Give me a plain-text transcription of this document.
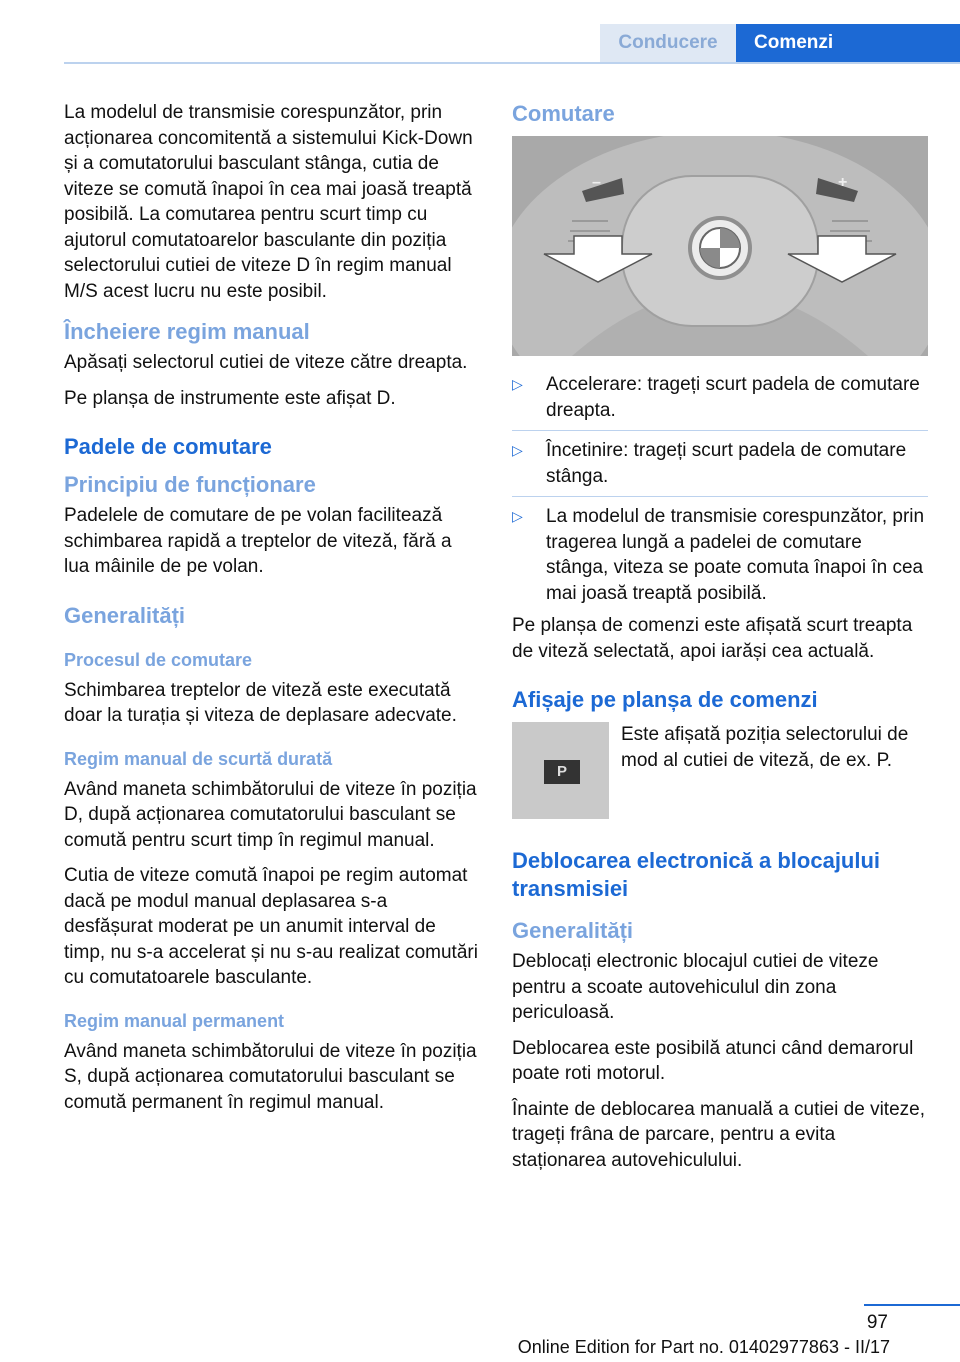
Conducere	Comenzi

La modelul de transmisie corespunzător, prin acționarea concomitentă a sistemului Kick-Down și a comutatorului basculant stânga, cutia de viteze se comută înapoi în cea mai joasă treaptă posibilă. La comutarea pentru scurt timp cu ajutorul comutatoarelor basculante din poziția selectorului cutiei de viteze D în regim manual M/S acest lucru nu este posibil.

Încheiere regim manual

Apăsați selectorul cutiei de viteze către dreapta.

Pe planșa de instrumente este afișat D.

Padele de comutare
Principiu de funcționare

Padelele de comutare de pe volan facilitează schimbarea rapidă a treptelor de viteză, fără a lua mâinile de pe volan.

Generalități
Procesul de comutare

Schimbarea treptelor de viteză este executată doar la turația și viteza de deplasare adecvate.

Regim manual de scurtă durată

Având maneta schimbătorului de viteze în poziția D, după acționarea comutatorului basculant se comută pentru scurt timp în regimul manual.

Cutia de viteze comută înapoi pe regim automat dacă pe modul manual deplasarea s-a desfășurat moderat pe un anumit interval de timp, nu s-a accelerat și nu s-au realizat comutări cu comutatoarele basculante.

Regim manual permanent

Având maneta schimbătorului de viteze în poziția S, după acționarea comutatorului basculant se comută permanent în regimul manual.

Comutare
–	+
▷ Accelerare: trageți scurt padela de comutare dreapta.
▷ Încetinire: trageți scurt padela de comutare stânga.
▷ La modelul de transmisie corespunzător, prin tragerea lungă a padelei de comutare stânga, viteza se poate comuta înapoi în cea mai joasă treaptă posibilă.

Pe planșa de comenzi este afișată scurt treapta de viteză selectată, apoi iarăși cea actuală.

Afișaje pe planșa de comenzi
P
Este afișată poziția selectorului de mod al cutiei de viteză, de ex. P.
Deblocarea electronică a blocajului transmisiei
Generalități

Deblocați electronic blocajul cutiei de viteze pentru a scoate autovehiculul din zona periculoasă.

Deblocarea este posibilă atunci când demarorul poate roti motorul.

Înainte de deblocarea manuală a cutiei de viteze, trageți frâna de parcare, pentru a evita staționarea autovehiculului.

97
Online Edition for Part no. 01402977863 - II/17
